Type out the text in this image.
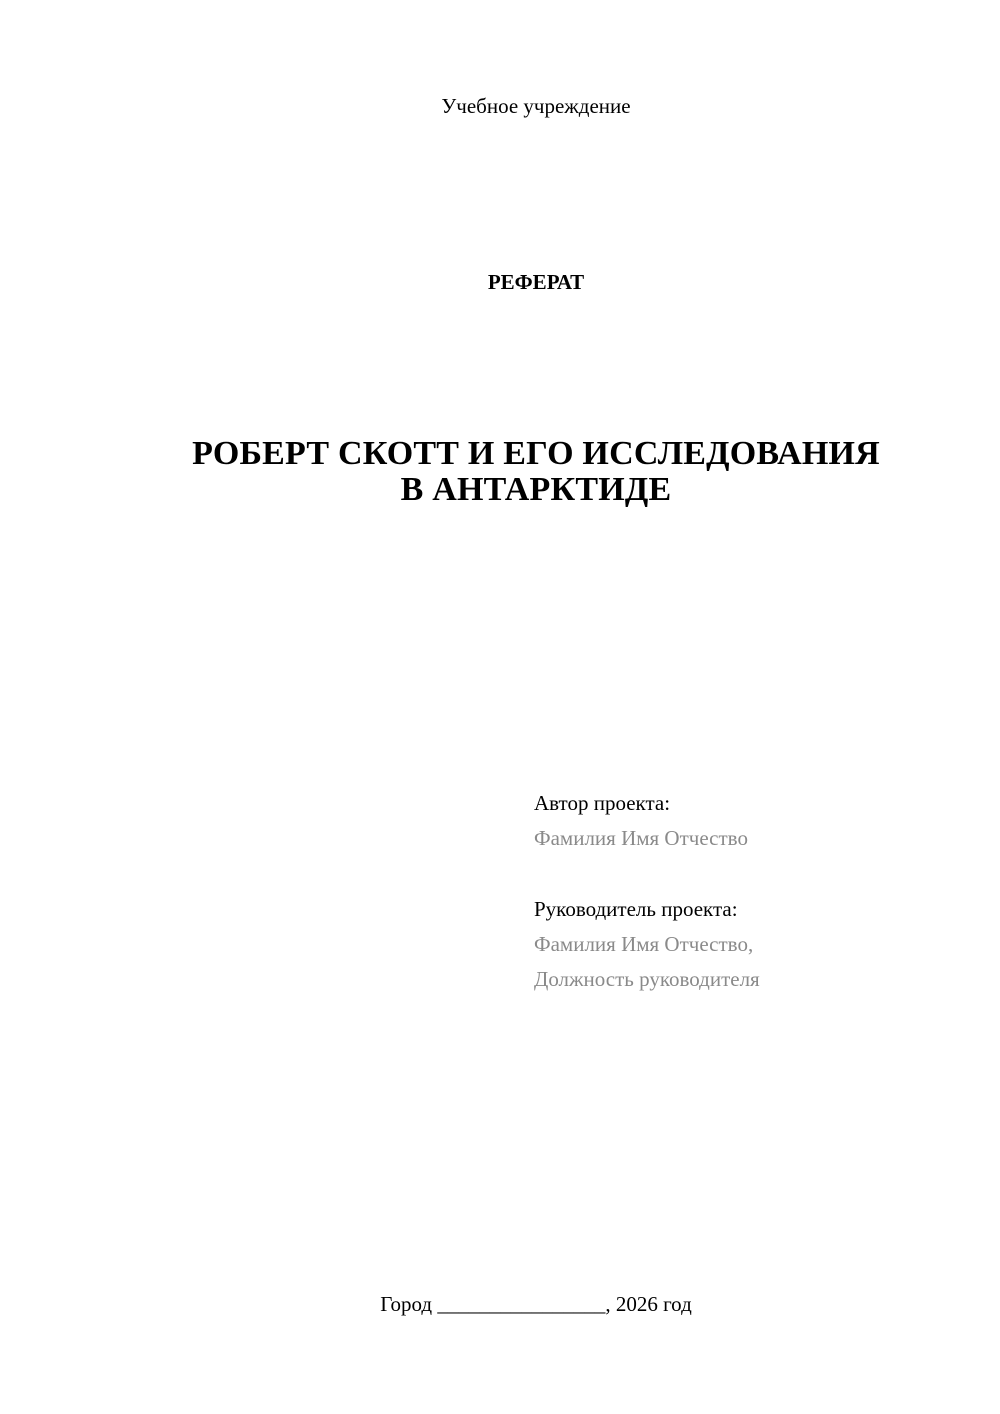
Учебное учреждение
РЕФЕРАТ
РОБЕРТ СКОТТ И ЕГО ИССЛЕДОВАНИЯ
В АНТАРКТИДЕ
Автор проекта:
Фамилия Имя Отчество
Руководитель проекта:
Фамилия Имя Отчество,
Должность руководителя
Город ________________, 2026 год
